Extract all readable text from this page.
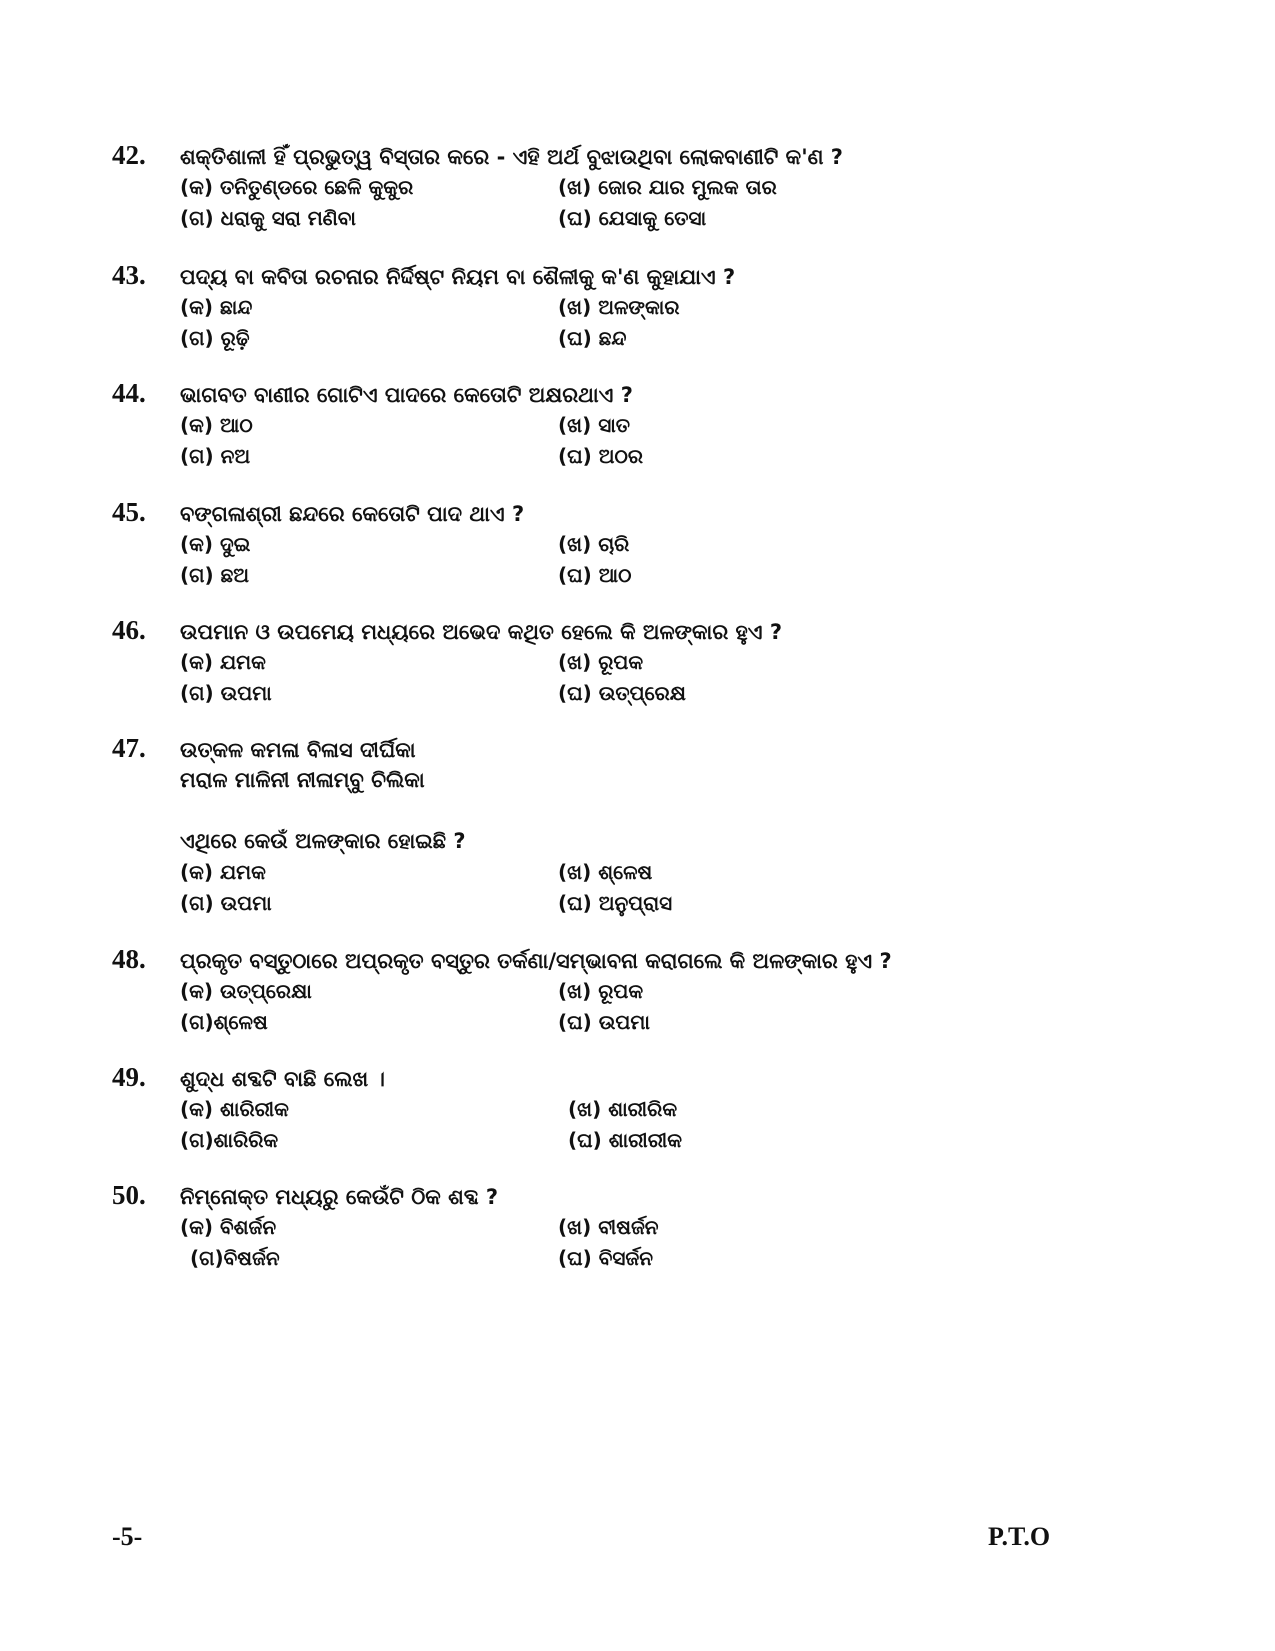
42.	ଶକ୍ତିଶାଳୀ ହିଁ ପ୍ରଭୁତ୍ୱ ବିସ୍ତାର କରେ - ଏହି ଅର୍ଥ ବୁଝାଉଥିବା ଲୋକବାଣୀଟି କ'ଣ ?
(କ) ତନିତୁଣ୍ଡରେ ଛେଳି କୁକୁର	(ଖ) ଜୋର ଯାର ମୁଲକ ତାର
(ଗ) ଧରାକୁ ସରା ମଣିବା	(ଘ) ଯେସାକୁ ତେସା
43.	ପଦ୍ୟ ବା କବିତା ରଚନାର ନିର୍ଦ୍ଦିଷ୍ଟ ନିୟମ ବା ଶୈଳୀକୁ କ'ଣ କୁହାଯାଏ ?
(କ) ଛାନ୍ଦ	(ଖ) ଅଳଙ୍କାର
(ଗ) ରୂଢ଼ି	(ଘ) ଛନ୍ଦ
44.	ଭାଗବତ ବାଣୀର ଗୋଟିଏ ପାଦରେ କେତୋଟି ଅକ୍ଷରଥାଏ ?
(କ) ଆଠ	(ଖ) ସାତ
(ଗ) ନଅ	(ଘ) ଅଠର
45.	ବଙ୍ଗଳାଶ୍ରୀ ଛନ୍ଦରେ କେତୋଟି ପାଦ ଥାଏ ?
(କ) ଦୁଇ	(ଖ) ଚାରି
(ଗ) ଛଅ	(ଘ) ଆଠ
46.	ଉପମାନ ଓ ଉପମେୟ ମଧ୍ୟରେ ଅଭେଦ କଥିତ ହେଲେ କି ଅଳଙ୍କାର ହୁଏ ?
(କ) ଯମକ	(ଖ) ରୂପକ
(ଗ) ଉପମା	(ଘ) ଉତ୍‌ପ୍ରେକ୍ଷ
47.	ଉତ୍କଳ କମଳା ବିଳାସ ଦୀର୍ଘିକା
ମରାଳ ମାଳିନୀ ନୀଳାମ୍ବୁ ଚିଲିକା
ଏଥିରେ କେଉଁ ଅଳଙ୍କାର ହୋଇଛି ?
(କ) ଯମକ	(ଖ) ଶ୍ଳେଷ
(ଗ) ଉପମା	(ଘ) ଅନୁପ୍ରାସ
48.	ପ୍ରକୃତ ବସ୍ତୁଠାରେ ଅପ୍ରକୃତ ବସ୍ତୁର ତର୍କଣା/ସମ୍ଭାବନା କରାଗଲେ କି ଅଳଙ୍କାର ହୁଏ ?
(କ) ଉତ୍‌ପ୍ରେକ୍ଷା	(ଖ) ରୂପକ
(ଗ)ଶ୍ଳେଷ	(ଘ) ଉପମା
49.	ଶୁଦ୍ଧ ଶବ୍ଦଟି ବାଛି ଲେଖ ।
(କ) ଶାରିରୀକ	(ଖ) ଶାରୀରିକ
(ଗ)ଶାରିରିକ	(ଘ) ଶାରୀରୀକ
50.	ନିମ୍ନୋକ୍ତ ମଧ୍ୟରୁ କେଉଁଟି ଠିକ ଶବ୍ଦ ?
(କ) ବିଶର୍ଜନ	(ଖ) ବୀଷର୍ଜନ
(ଗ)ବିଷର୍ଜନ	(ଘ) ବିସର୍ଜନ
-5-	P.T.O
